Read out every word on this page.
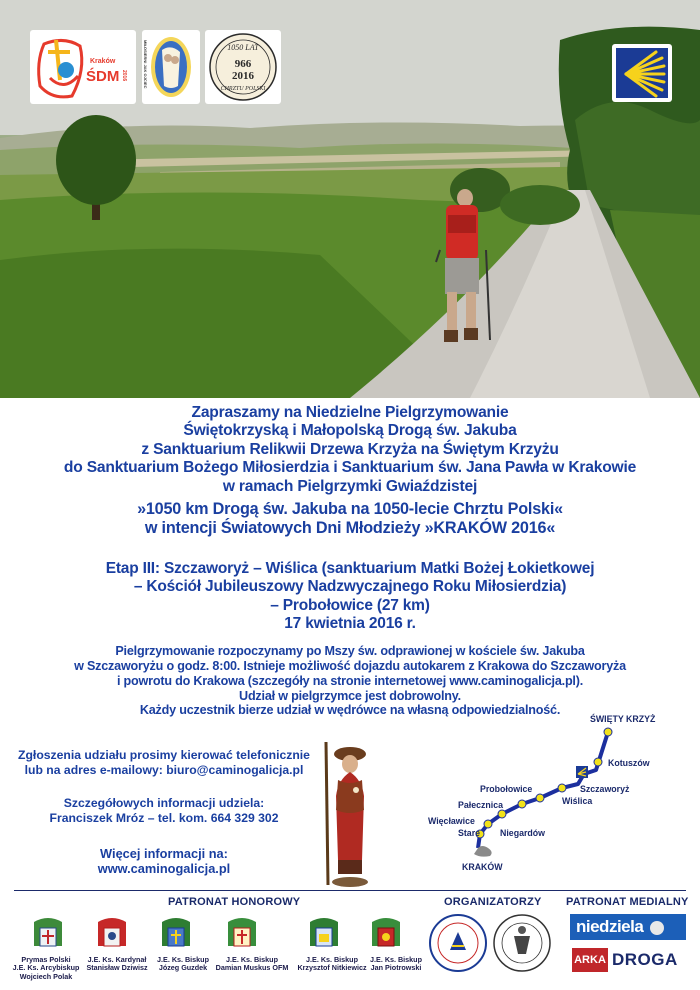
Kraków
ŚDM 2016	MIŁOSIERNI JAK OJCIEC	1050 LAT
966
2016
CHRZTU POLSKI
Zapraszamy na Niedzielne Pielgrzymowanie
Świętokrzyską i Małopolską Drogą św. Jakuba
z Sanktuarium Relikwii Drzewa Krzyża na Świętym Krzyżu
do Sanktuarium Bożego Miłosierdzia i Sanktuarium św. Jana Pawła w Krakowie
w ramach Pielgrzymki Gwiaździstej
»1050 km Drogą św. Jakuba na 1050-lecie Chrztu Polski«
w intencji Światowych Dni Młodzieży »KRAKÓW 2016«
Etap III: Szczaworyż – Wiślica (sanktuarium Matki Bożej Łokietkowej
– Kościół Jubileuszowy Nadzwyczajnego Roku Miłosierdzia)
– Probołowice (27 km)
17 kwietnia 2016 r.
Pielgrzymowanie rozpoczynamy po Mszy św. odprawionej w kościele św. Jakuba
w Szczaworyżu o godz. 8:00. Istnieje możliwość dojazdu autokarem z Krakowa do Szczaworyża
i powrotu do Krakowa (szczegóły na stronie internetowej www.caminogalicja.pl).
Udział w pielgrzymce jest dobrowolny.
Każdy uczestnik bierze udział w wędrówce na własną odpowiedzialność.
Zgłoszenia udziału prosimy kierować telefonicznie
lub na adres e-mailowy: biuro@caminogalicja.pl
Szczegółowych informacji udziela:
Franciszek Mróz – tel. kom. 664 329 302
Więcej informacji na:
www.caminogalicja.pl
ŚWIĘTY KRZYŻ
Kotuszów
Szczaworyż
Wiślica
Probołowice
Pałecznica
Więcławice
Stare Niegardów
KRAKÓW
PATRONAT HONOROWY	ORGANIZATORZY PATRONAT MEDIALNY
Prymas Polski
J.E. Ks. Arcybiskup
Wojciech Polak
J.E. Ks. Kardynał
Stanisław Dziwisz
J.E. Ks. Biskup
Józeg Guzdek
J.E. Ks. Biskup
Damian Muskus OFM
J.E. Ks. Biskup
Krzysztof Nitkiewicz
J.E. Ks. Biskup
Jan Piotrowski
niedziela
ARKA DROGA
